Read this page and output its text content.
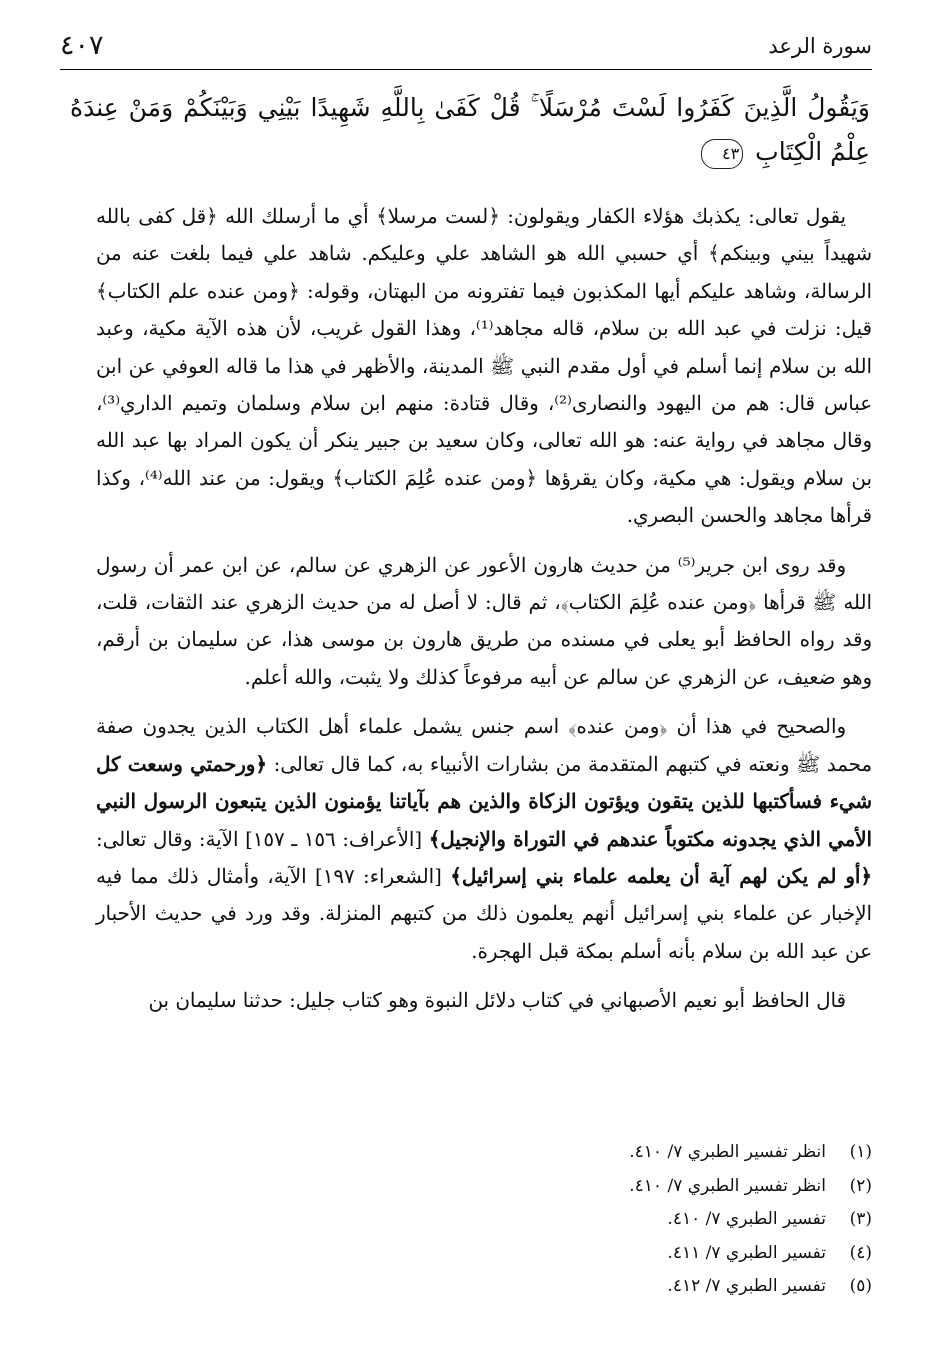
سورة الرعد
٤٠٧
وَيَقُولُ الَّذِينَ كَفَرُوا لَسْتَ مُرْسَلًا ۚ قُلْ كَفَىٰ بِاللَّهِ شَهِيدًا بَيْنِي وَبَيْنَكُمْ وَمَنْ عِندَهُ عِلْمُ الْكِتَابِ ٤٣

يقول تعالى: يكذبك هؤلاء الكفار ويقولون: ﴿لست مرسلا﴾ أي ما أرسلك الله ﴿قل كفى بالله شهيداً بيني وبينكم﴾ أي حسبي الله هو الشاهد علي وعليكم. شاهد علي فيما بلغت عنه من الرسالة، وشاهد عليكم أيها المكذبون فيما تفترونه من البهتان، وقوله: ﴿ومن عنده علم الكتاب﴾ قيل: نزلت في عبد الله بن سلام، قاله مجاهد⁽¹⁾، وهذا القول غريب، لأن هذه الآية مكية، وعبد الله بن سلام إنما أسلم في أول مقدم النبي ﷺ المدينة، والأظهر في هذا ما قاله العوفي عن ابن عباس قال: هم من اليهود والنصارى⁽²⁾، وقال قتادة: منهم ابن سلام وسلمان وتميم الداري⁽³⁾، وقال مجاهد في رواية عنه: هو الله تعالى، وكان سعيد بن جبير ينكر أن يكون المراد بها عبد الله بن سلام ويقول: هي مكية، وكان يقرؤها ﴿ومن عنده عُلِمَ الكتاب﴾ ويقول: من عند الله⁽⁴⁾، وكذا قرأها مجاهد والحسن البصري.

وقد روى ابن جرير⁽⁵⁾ من حديث هارون الأعور عن الزهري عن سالم، عن ابن عمر أن رسول الله ﷺ قرأها ﴿ومن عنده عُلِمَ الكتاب﴾، ثم قال: لا أصل له من حديث الزهري عند الثقات، قلت، وقد رواه الحافظ أبو يعلى في مسنده من طريق هارون بن موسى هذا، عن سليمان بن أرقم، وهو ضعيف، عن الزهري عن سالم عن أبيه مرفوعاً كذلك ولا يثبت، والله أعلم.

والصحيح في هذا أن ﴿ومن عنده﴾ اسم جنس يشمل علماء أهل الكتاب الذين يجدون صفة محمد ﷺ ونعته في كتبهم المتقدمة من بشارات الأنبياء به، كما قال تعالى: ﴿ورحمتي وسعت كل شيء فسأكتبها للذين يتقون ويؤتون الزكاة والذين هم بآياتنا يؤمنون الذين يتبعون الرسول النبي الأمي الذي يجدونه مكتوباً عندهم في التوراة والإنجيل﴾ [الأعراف: ١٥٦ ـ ١٥٧] الآية: وقال تعالى: ﴿أو لم يكن لهم آية أن يعلمه علماء بني إسرائيل﴾ [الشعراء: ١٩٧] الآية، وأمثال ذلك مما فيه الإخبار عن علماء بني إسرائيل أنهم يعلمون ذلك من كتبهم المنزلة. وقد ورد في حديث الأحبار عن عبد الله بن سلام بأنه أسلم بمكة قبل الهجرة.

قال الحافظ أبو نعيم الأصبهاني في كتاب دلائل النبوة وهو كتاب جليل: حدثنا سليمان بن

(١)انظر تفسير الطبري ٧/ ٤١٠.
(٢)انظر تفسير الطبري ٧/ ٤١٠.
(٣)تفسير الطبري ٧/ ٤١٠.
(٤)تفسير الطبري ٧/ ٤١١.
(٥)تفسير الطبري ٧/ ٤١٢.
